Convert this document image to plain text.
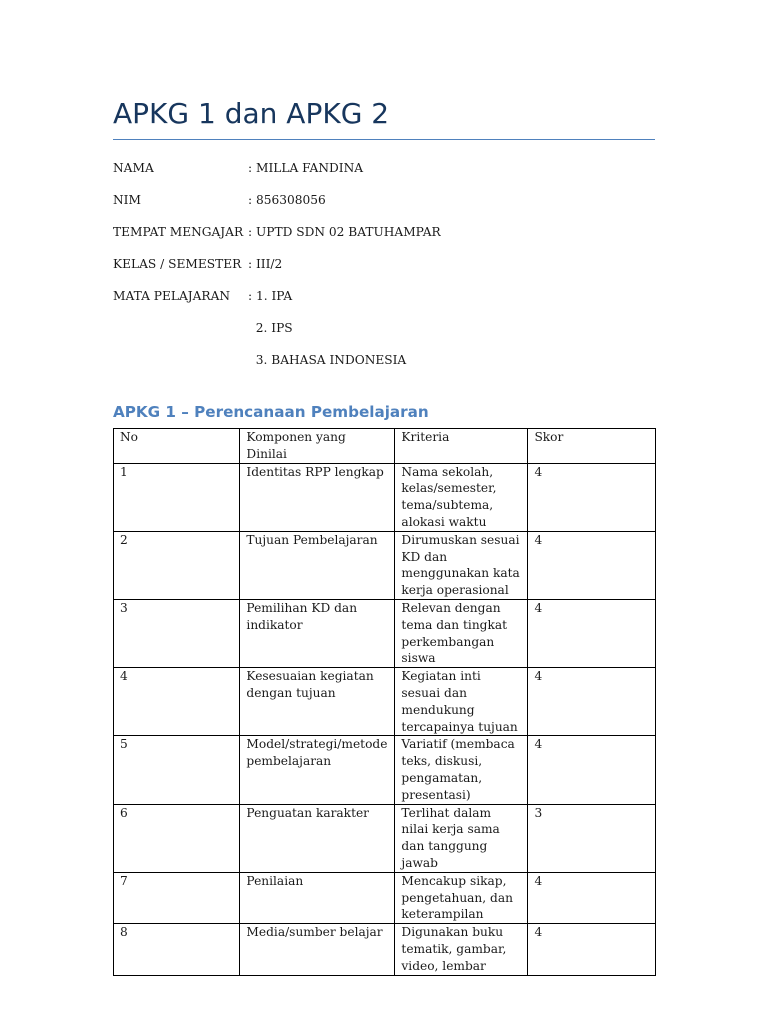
APKG 1 dan APKG 2
NAMA	: MILLA FANDINA
NIM	: 856308056
TEMPAT MENGAJAR : UPTD SDN 02 BATUHAMPAR
KELAS / SEMESTER : III/2
MATA PELAJARAN	: 1. IPA
2. IPS
3. BAHASA INDONESIA
APKG 1 – Perencanaan Pembelajaran
No	Komponen yang Dinilai	Kriteria	Skor
1	Identitas RPP lengkap	Nama sekolah, kelas/semester, tema/subtema, alokasi waktu	4
2	Tujuan Pembelajaran	Dirumuskan sesuai KD dan menggunakan kata kerja operasional	4
3	Pemilihan KD dan indikator	Relevan dengan tema dan tingkat perkembangan siswa	4
4	Kesesuaian kegiatan dengan tujuan	Kegiatan inti sesuai dan mendukung tercapainya tujuan	4
5	Model/strategi/metode pembelajaran	Variatif (membaca teks, diskusi, pengamatan, presentasi)	4
6	Penguatan karakter	Terlihat dalam nilai kerja sama dan tanggung jawab	3
7	Penilaian	Mencakup sikap, pengetahuan, dan keterampilan	4
8	Media/sumber belajar	Digunakan buku tematik, gambar, video, lembar	4
